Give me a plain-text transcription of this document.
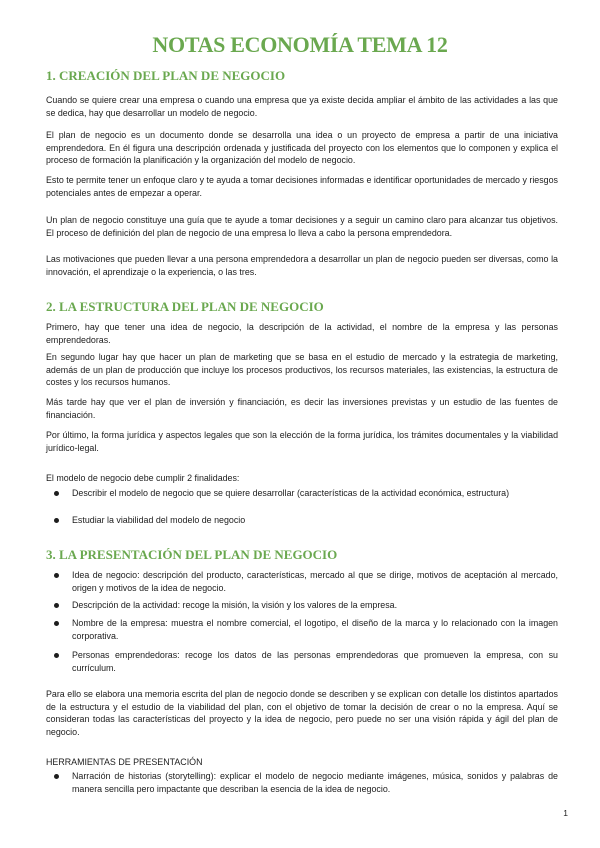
NOTAS ECONOMÍA TEMA 12
1. CREACIÓN DEL PLAN DE NEGOCIO

Cuando se quiere crear una empresa o cuando una empresa que ya existe decida ampliar el ámbito de las actividades a las que se dedica, hay que desarrollar un modelo de negocio.

El plan de negocio es un documento donde se desarrolla una idea o un proyecto de empresa a partir de una iniciativa emprendedora. En él figura una descripción ordenada y justificada del proyecto con los elementos que lo componen y explica el proceso de formación la planificación y la organización del modelo de negocio.

Esto te permite tener un enfoque claro y te ayuda a tomar decisiones informadas e identificar oportunidades de mercado y riesgos potenciales antes de empezar a operar.

Un plan de negocio constituye una guía que te ayude a tomar decisiones y a seguir un camino claro para alcanzar tus objetivos. El proceso de definición del plan de negocio de una empresa lo lleva a cabo la persona emprendedora.

Las motivaciones que pueden llevar a una persona emprendedora a desarrollar un plan de negocio pueden ser diversas, como la innovación, el aprendizaje o la experiencia, o las tres.

2. LA ESTRUCTURA DEL PLAN DE NEGOCIO

Primero, hay que tener una idea de negocio, la descripción de la actividad, el nombre de la empresa y las personas emprendedoras.

En segundo lugar hay que hacer un plan de marketing que se basa en el estudio de mercado y la estrategia de marketing, además de un plan de producción que incluye los procesos productivos, los recursos materiales, las existencias, la estructura de costes y los recursos humanos.

Más tarde hay que ver el plan de inversión y financiación, es decir las inversiones previstas y un estudio de las fuentes de financiación.

Por último, la forma jurídica y aspectos legales que son la elección de la forma jurídica, los trámites documentales y la viabilidad jurídico-legal.

El modelo de negocio debe cumplir 2 finalidades:

Describir el modelo de negocio que se quiere desarrollar (características de la actividad económica, estructura)
Estudiar la viabilidad del modelo de negocio
3. LA PRESENTACIÓN DEL PLAN DE NEGOCIO
Idea de negocio: descripción del producto, características, mercado al que se dirige, motivos de aceptación al mercado, origen y motivos de la idea de negocio.
Descripción de la actividad: recoge la misión, la visión y los valores de la empresa.
Nombre de la empresa: muestra el nombre comercial, el logotipo, el diseño de la marca y lo relacionado con la imagen corporativa.
Personas emprendedoras: recoge los datos de las personas emprendedoras que promueven la empresa, con su currículum.

Para ello se elabora una memoria escrita del plan de negocio donde se describen y se explican con detalle los distintos apartados de la estructura y el estudio de la viabilidad del plan, con el objetivo de tomar la decisión de crear o no la empresa. Aquí se consideran todas las características del proyecto y la idea de negocio, pero puede no ser una visión rápida y ágil del plan de negocio.

HERRAMIENTAS DE PRESENTACIÓN

Narración de historias (storytelling): explicar el modelo de negocio mediante imágenes, música, sonidos y palabras de manera sencilla pero impactante que describan la esencia de la idea de negocio.
1
